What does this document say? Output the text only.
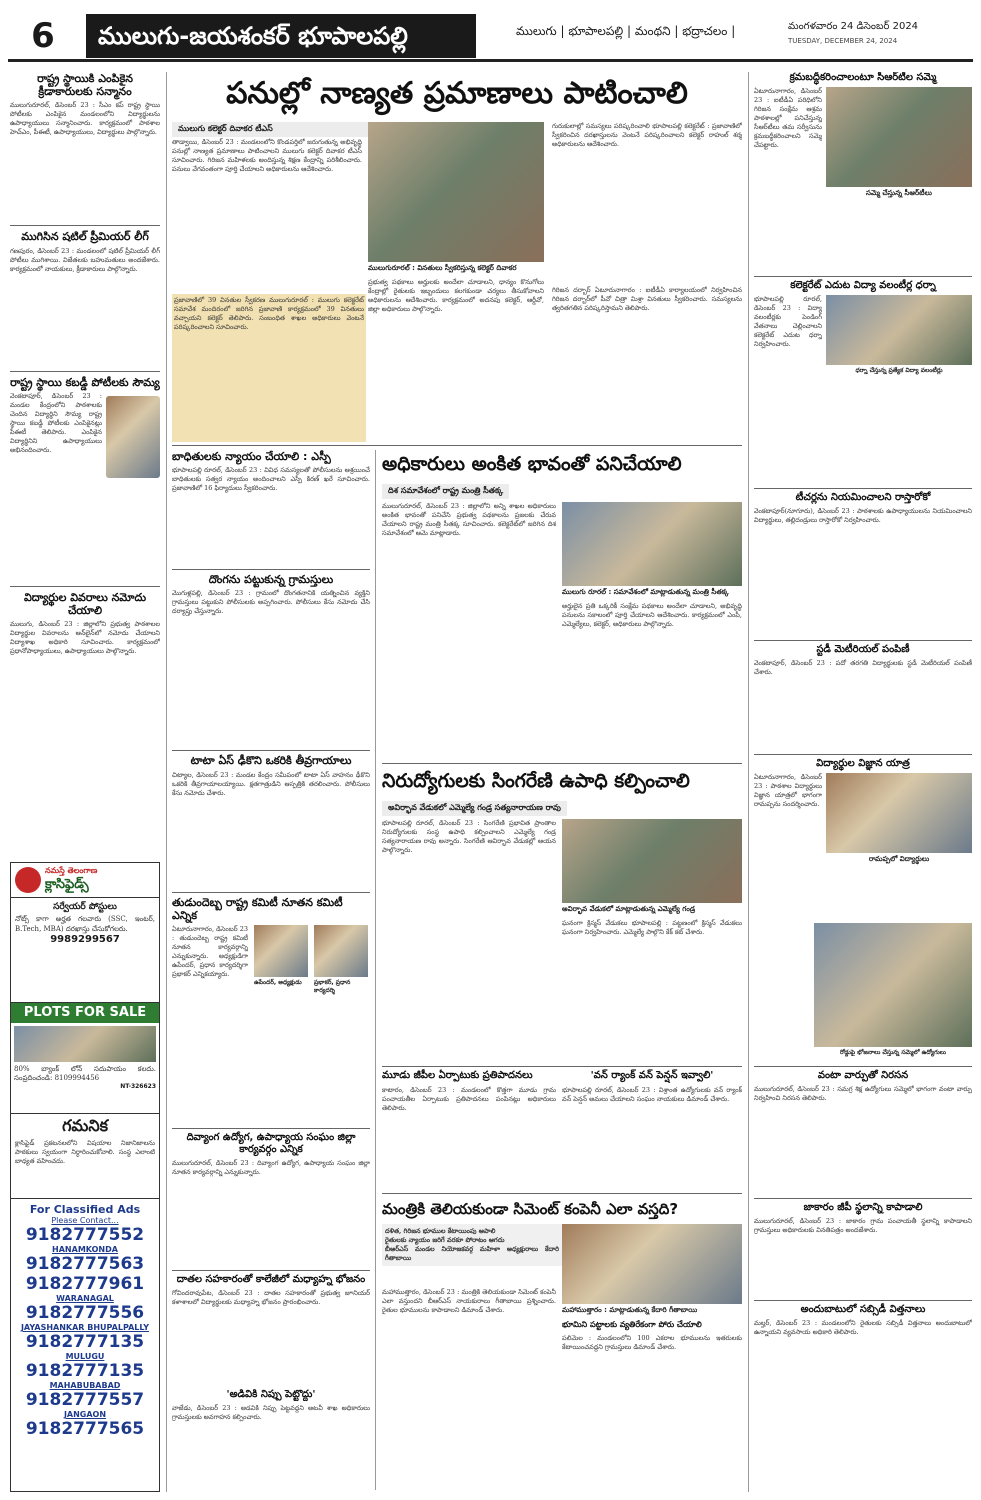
6	ములుగు-జయశంకర్ భూపాలపల్లి	ములుగు | భూపాలపల్లి | మంథని | భద్రాచలం |	మంగళవారం 24 డిసెంబర్ 2024
TUESDAY, DECEMBER 24, 2024
రాష్ట్ర స్థాయికి ఎంపికైన క్రీడాకారులకు సన్మానం
ములుగురూరల్, డిసెంబర్ 23 : సీఎం కప్ రాష్ట్ర స్థాయి పోటీలకు ఎంపికైన మండలంలోని విద్యార్థులను ఉపాధ్యాయులు సన్మానించారు. కార్యక్రమంలో పాఠశాల హెచ్ఎం, పీఈటీ, ఉపాధ్యాయులు, విద్యార్థులు పాల్గొన్నారు.
ముగిసిన షటిల్ ప్రీమియర్ లీగ్
గణపురం, డిసెంబర్ 23 : మండలంలో షటిల్ ప్రీమియర్ లీగ్ పోటీలు ముగిశాయి. విజేతలకు బహుమతులు అందజేశారు. కార్యక్రమంలో నాయకులు, క్రీడాకారులు పాల్గొన్నారు.
రాష్ట్ర స్థాయి కబడ్డీ పోటీలకు సౌమ్య
వెంకటాపూర్, డిసెంబర్ 23 : మండల కేంద్రంలోని పాఠశాలకు చెందిన విద్యార్థిని సౌమ్య రాష్ట్ర స్థాయి కబడ్డీ పోటీలకు ఎంపికైనట్లు పీఈటీ తెలిపారు. ఎంపికైన విద్యార్థినిని ఉపాధ్యాయులు అభినందించారు.
విద్యార్థుల వివరాలు నమోదు చేయాలి
ములుగు, డిసెంబర్ 23 : జిల్లాలోని ప్రభుత్వ పాఠశాలల విద్యార్థుల వివరాలను ఆన్‌లైన్‌లో నమోదు చేయాలని విద్యాశాఖ అధికారి సూచించారు. కార్యక్రమంలో ప్రధానోపాధ్యాయులు, ఉపాధ్యాయులు పాల్గొన్నారు.
నమస్తే తెలంగాణ
క్లాసిఫైడ్స్
సర్వేయర్ పోస్టులు
నోట్స్ కాగా అర్హత గలవారు (SSC, ఇంటర్, B.Tech, MBA) దరఖాస్తు చేసుకోగలరు.
9989299567
PLOTS FOR SALE
80% బ్యాంక్ లోన్ సదుపాయం కలదు. సంప్రదించండి: 8109994456
NT-326623
గమనిక
క్లాసిఫైడ్ ప్రకటనలలోని విషయాల నిజానిజాలను పాఠకులు స్వయంగా నిర్ధారించుకోవాలి. సంస్థ ఎలాంటి బాధ్యత వహించదు.
For Classified Ads
Please Contact...
9182777552
HANAMKONDA
9182777563
9182777961
WARANAGAL
9182777556
JAYASHANKAR BHUPALPALLY
9182777135
MULUGU
9182777135
MAHABUBABAD
9182777557
JANGAON
9182777565
పనుల్లో నాణ్యత ప్రమాణాలు పాటించాలి
ములుగు కలెక్టర్ దివాకర టీఎస్
తాడ్వాయి, డిసెంబర్ 23 : మండలంలోని కొండపర్తిలో జరుగుతున్న అభివృద్ధి పనుల్లో నాణ్యత ప్రమాణాలు పాటించాలని ములుగు కలెక్టర్ దివాకర టీఎస్ సూచించారు. గిరిజన మహిళలకు అందిస్తున్న శిక్షణ కేంద్రాన్ని పరిశీలించారు. పనులు వేగవంతంగా పూర్తి చేయాలని అధికారులను ఆదేశించారు.
ప్రజావాణిలో 39 వినతుల స్వీకరణ ములుగురూరల్ : ములుగు కలెక్టరేట్ సమావేశ మందిరంలో జరిగిన ప్రజావాణి కార్యక్రమంలో 39 వినతులు వచ్చాయని కలెక్టర్ తెలిపారు. సంబంధిత శాఖల అధికారులు వెంటనే పరిష్కరించాలని సూచించారు.
ములుగురూరల్ : వినతులు స్వీకరిస్తున్న కలెక్టర్ దివాకర
ప్రభుత్వ పథకాలు అర్హులకు అందేలా చూడాలని, ధాన్యం కొనుగోలు కేంద్రాల్లో రైతులకు ఇబ్బందులు కలగకుండా చర్యలు తీసుకోవాలని అధికారులను ఆదేశించారు. కార్యక్రమంలో అదనపు కలెక్టర్, ఆర్డీవో, జిల్లా అధికారులు పాల్గొన్నారు.
గురుకులాల్లో సమస్యలు పరిష్కరించాలి భూపాలపల్లి కలెక్టరేట్ : ప్రజావాణిలో స్వీకరించిన దరఖాస్తులను వెంటనే పరిష్కరించాలని కలెక్టర్ రాహుల్ శర్మ అధికారులను ఆదేశించారు.
గిరిజన దర్బార్ ఏటూరునాగారం : ఐటీడీఏ కార్యాలయంలో నిర్వహించిన గిరిజన దర్బార్‌లో పీవో చిత్రా మిశ్రా వినతులు స్వీకరించారు. సమస్యలను త్వరితగతిన పరిష్కరిస్తామని తెలిపారు.
బాధితులకు న్యాయం చేయాలి : ఎస్పీ
భూపాలపల్లి రూరల్, డిసెంబర్ 23 : వివిధ సమస్యలతో పోలీసులను ఆశ్రయించే బాధితులకు సత్వర న్యాయం అందించాలని ఎస్పీ కిరణ్ ఖరే సూచించారు. ప్రజావాణిలో 16 ఫిర్యాదులు స్వీకరించారు.
దొంగను పట్టుకున్న గ్రామస్తులు
మొగుళ్లపల్లి, డిసెంబర్ 23 : గ్రామంలో దొంగతనానికి యత్నించిన వ్యక్తిని గ్రామస్తులు పట్టుకుని పోలీసులకు అప్పగించారు. పోలీసులు కేసు నమోదు చేసి దర్యాప్తు చేస్తున్నారు.
టాటా ఏస్ ఢీకొని ఒకరికి తీవ్రగాయాలు
చిట్యాల, డిసెంబర్ 23 : మండల కేంద్రం సమీపంలో టాటా ఏస్ వాహనం ఢీకొని ఒకరికి తీవ్రగాయాలయ్యాయి. క్షతగాత్రుడిని ఆస్పత్రికి తరలించారు. పోలీసులు కేసు నమోదు చేశారు.
తుడుందెబ్బ రాష్ట్ర కమిటీ నూతన కమిటీ ఎన్నిక
ఏటూరునాగారం, డిసెంబర్ 23 : తుడుందెబ్బ రాష్ట్ర కమిటీ నూతన కార్యవర్గాన్ని ఎన్నుకున్నారు. అధ్యక్షుడిగా ఉపేందర్, ప్రధాన కార్యదర్శిగా ప్రభాకర్ ఎన్నికయ్యారు.
ఉపేందర్, అధ్యక్షుడు	ప్రభాకర్, ప్రధాన కార్యదర్శి
దివ్యాంగ ఉద్యోగ, ఉపాధ్యాయ సంఘం జిల్లా కార్యవర్గం ఎన్నిక
ములుగురూరల్, డిసెంబర్ 23 : దివ్యాంగ ఉద్యోగ, ఉపాధ్యాయ సంఘం జిల్లా నూతన కార్యవర్గాన్ని ఎన్నుకున్నారు.
దాతల సహకారంతో కాలేజీలో మధ్యాహ్న భోజనం
గోవిందరావుపేట, డిసెంబర్ 23 : దాతల సహకారంతో ప్రభుత్వ జూనియర్ కళాశాలలో విద్యార్థులకు మధ్యాహ్న భోజనం ప్రారంభించారు.
'అడివికి నిప్పు పెట్టొద్దు'
వాజేడు, డిసెంబర్ 23 : అడవికి నిప్పు పెట్టవద్దని అటవీ శాఖ అధికారులు గ్రామస్తులకు అవగాహన కల్పించారు.
అధికారులు అంకిత భావంతో పనిచేయాలి
దిశ సమావేశంలో రాష్ట్ర మంత్రి సీతక్క
ములుగు రూరల్ : సమావేశంలో మాట్లాడుతున్న మంత్రి సీతక్క
ములుగురూరల్, డిసెంబర్ 23 : జిల్లాలోని అన్ని శాఖల అధికారులు అంకిత భావంతో పనిచేసి ప్రభుత్వ పథకాలను ప్రజలకు చేరువ చేయాలని రాష్ట్ర మంత్రి సీతక్క సూచించారు. కలెక్టరేట్‌లో జరిగిన దిశ సమావేశంలో ఆమె మాట్లాడారు.
అర్హులైన ప్రతి ఒక్కరికీ సంక్షేమ పథకాలు అందేలా చూడాలని, అభివృద్ధి పనులను సకాలంలో పూర్తి చేయాలని ఆదేశించారు. కార్యక్రమంలో ఎంపీ, ఎమ్మెల్యేలు, కలెక్టర్, అధికారులు పాల్గొన్నారు.
నిరుద్యోగులకు సింగరేణి ఉపాధి కల్పించాలి
అవిర్భావ వేడుకలో ఎమ్మెల్యే గండ్ర సత్యనారాయణ రావు
భూపాలపల్లి రూరల్, డిసెంబర్ 23 : సింగరేణి ప్రభావిత ప్రాంతాల నిరుద్యోగులకు సంస్థ ఉపాధి కల్పించాలని ఎమ్మెల్యే గండ్ర సత్యనారాయణ రావు అన్నారు. సింగరేణి ఆవిర్భావ వేడుకల్లో ఆయన పాల్గొన్నారు.
అవిర్భావ వేడుకలో మాట్లాడుతున్న ఎమ్మెల్యే గండ్ర
ఘనంగా క్రిస్మస్ వేడుకలు భూపాలపల్లి : పట్టణంలో క్రిస్మస్ వేడుకలు ఘనంగా నిర్వహించారు. ఎమ్మెల్యే పాల్గొని కేక్ కట్ చేశారు.
మూడు జీపీల ఏర్పాటుకు ప్రతిపాదనలు
కాటారం, డిసెంబర్ 23 : మండలంలో కొత్తగా మూడు గ్రామ పంచాయతీల ఏర్పాటుకు ప్రతిపాదనలు పంపినట్లు అధికారులు తెలిపారు.
'వన్ ర్యాంక్ వన్ పెన్షన్ ఇవ్వాలి'
భూపాలపల్లి రూరల్, డిసెంబర్ 23 : విశ్రాంత ఉద్యోగులకు వన్ ర్యాంక్ వన్ పెన్షన్ అమలు చేయాలని సంఘం నాయకులు డిమాండ్ చేశారు.
మంత్రికి తెలియకుండా సిమెంట్ కంపెనీ ఎలా వస్తది?
దళిత, గిరిజన భూముల కేటాయింపు ఆపాలి
రైతులకు న్యాయం జరిగే వరకూ పోరాటం ఆగదు
బీఆర్ఎస్ మండల నియోజకవర్గ మహిళా అధ్యక్షురాలు కేదారి గీతాబాయి
మహాముత్తారం : మాట్లాడుతున్న కేదారి గీతాబాయి
మహాముత్తారం, డిసెంబర్ 23 : మంత్రికి తెలియకుండా సిమెంట్ కంపెనీ ఎలా వస్తుందని బీఆర్ఎస్ నాయకురాలు గీతాబాయి ప్రశ్నించారు. రైతుల భూములను కాపాడాలని డిమాండ్ చేశారు.
భూమిని పట్టాలకు వ్యతిరేకంగా పోరు చేయాలి
పలిమెల : మండలంలోని 100 ఎకరాల భూములను ఇతరులకు కేటాయించవద్దని గ్రామస్తులు డిమాండ్ చేశారు.
క్రమబద్ధీకరించాలంటూ సీఆర్‌టీల సమ్మె
ఏటూరునాగారం, డిసెంబర్ 23 : ఐటీడీఏ పరిధిలోని గిరిజన సంక్షేమ ఆశ్రమ పాఠశాలల్లో పనిచేస్తున్న సీఆర్‌టీలు తమ సర్వీసును క్రమబద్ధీకరించాలని సమ్మె చేపట్టారు.
సమ్మె చేస్తున్న సీఆర్‌టీలు
కలెక్టరేట్ ఎదుట విద్యా వలంటీర్ల ధర్నా
భూపాలపల్లి రూరల్, డిసెంబర్ 23 : విద్యా వలంటీర్లకు పెండింగ్ వేతనాలు చెల్లించాలని కలెక్టరేట్ ఎదుట ధర్నా నిర్వహించారు.
ధర్నా చేస్తున్న ప్రత్యేక విద్యా వలంటీర్లు
టీచర్లను నియమించాలని రాస్తారోకో
వెంకటాపూర్(నూగూరు), డిసెంబర్ 23 : పాఠశాలకు ఉపాధ్యాయులను నియమించాలని విద్యార్థులు, తల్లిదండ్రులు రాస్తారోకో నిర్వహించారు.
స్టడీ మెటీరియల్ పంపిణీ
వెంకటాపూర్, డిసెంబర్ 23 : పదో తరగతి విద్యార్థులకు స్టడీ మెటీరియల్ పంపిణీ చేశారు.
విద్యార్థుల విజ్ఞాన యాత్ర
ఏటూరునాగారం, డిసెంబర్ 23 : పాఠశాల విద్యార్థులు విజ్ఞాన యాత్రలో భాగంగా రామప్పను సందర్శించారు.
రామప్పలో విద్యార్థులు
రోడ్డుపై భోజనాలు చేస్తున్న సమ్మెలో ఉద్యోగులు
వంటా వార్పుతో నిరసన
ములుగురూరల్, డిసెంబర్ 23 : సమగ్ర శిక్ష ఉద్యోగులు సమ్మెలో భాగంగా వంటా వార్పు నిర్వహించి నిరసన తెలిపారు.
జాకారం జీపీ స్థలాన్ని కాపాడాలి
ములుగురూరల్, డిసెంబర్ 23 : జాకారం గ్రామ పంచాయతీ స్థలాన్ని కాపాడాలని గ్రామస్తులు అధికారులకు వినతిపత్రం అందజేశారు.
అందుబాటులో సబ్సిడీ విత్తనాలు
మల్హర్, డిసెంబర్ 23 : మండలంలోని రైతులకు సబ్సిడీ విత్తనాలు అందుబాటులో ఉన్నాయని వ్యవసాయ అధికారి తెలిపారు.
